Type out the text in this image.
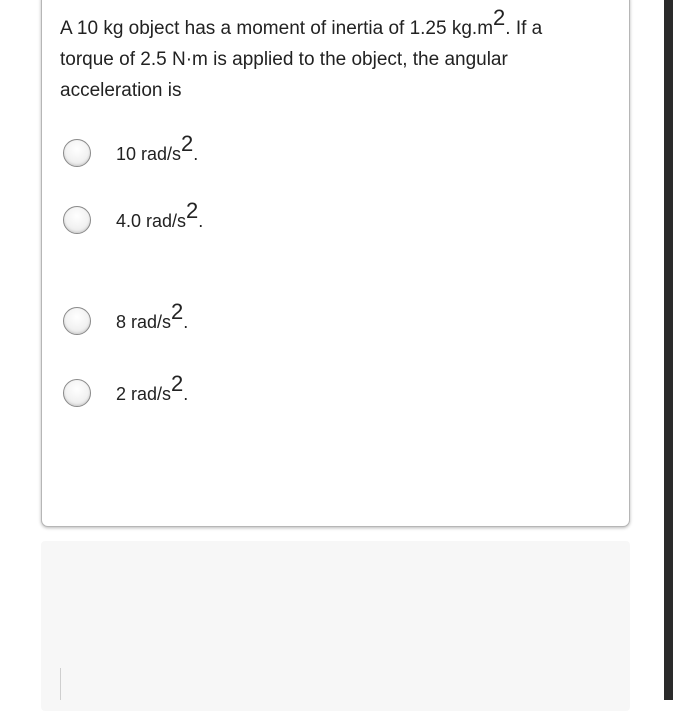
A 10 kg object has a moment of inertia of 1.25 $kg.m^2$. If a torque of 2.5 N·m is applied to the object, the angular acceleration is
10 rad/$s^2$.
4.0 rad/$s^2$.
8 rad/$s^2$.
2 rad/$s^2$.
